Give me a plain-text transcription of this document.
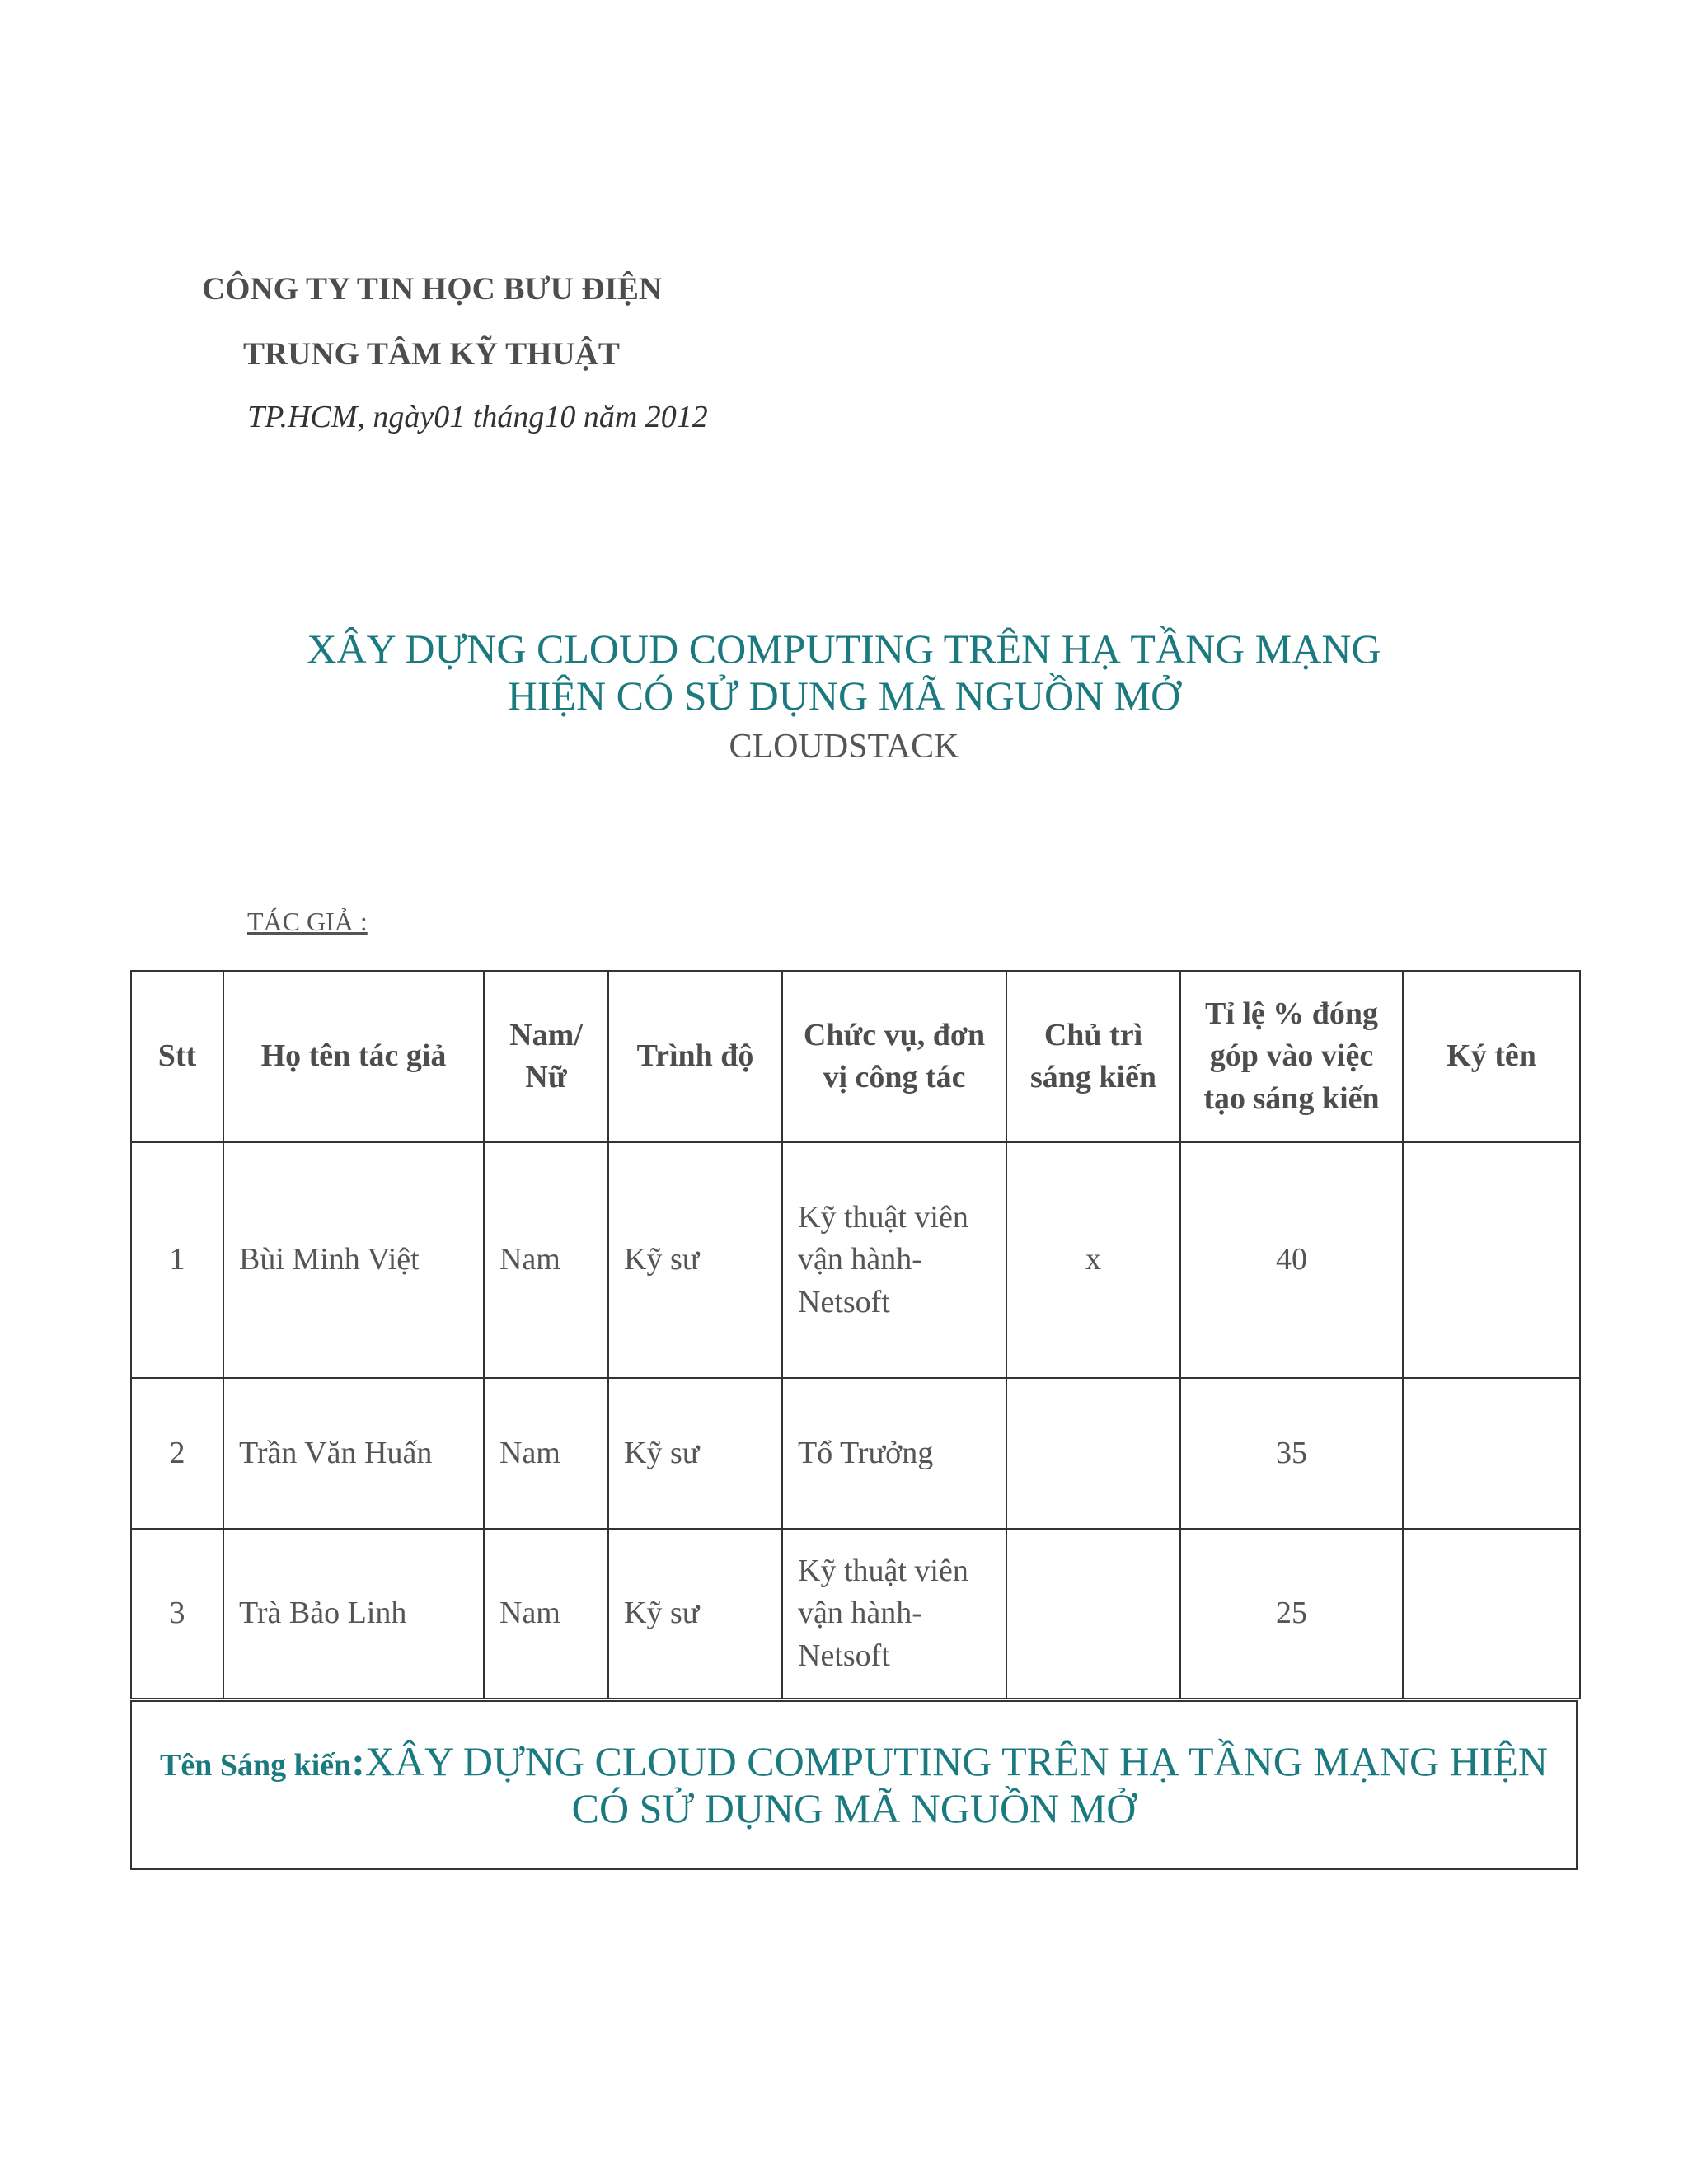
CÔNG TY TIN HỌC BƯU ĐIỆN
TRUNG TÂM KỸ THUẬT
TP.HCM, ngày01 tháng10 năm 2012
XÂY DỰNG CLOUD COMPUTING TRÊN HẠ TẦNG MẠNG
HIỆN CÓ SỬ DỤNG MÃ NGUỒN MỞ
CLOUDSTACK
TÁC GIẢ :
Stt	Họ tên tác giả	Nam/ Nữ	Trình độ	Chức vụ, đơn vị công tác	Chủ trì sáng kiến	Tỉ lệ % đóng góp vào việc tạo sáng kiến	Ký tên
1	Bùi Minh Việt	Nam	Kỹ sư	Kỹ thuật viên vận hành-Netsoft	x	40	
2	Trần Văn Huấn	Nam	Kỹ sư	Tổ Trưởng		35	
3	Trà Bảo Linh	Nam	Kỹ sư	Kỹ thuật viên vận hành-Netsoft		25	
Tên Sáng kiến:XÂY DỰNG CLOUD COMPUTING TRÊN HẠ TẦNG MẠNG HIỆN CÓ SỬ DỤNG MÃ NGUỒN MỞ
